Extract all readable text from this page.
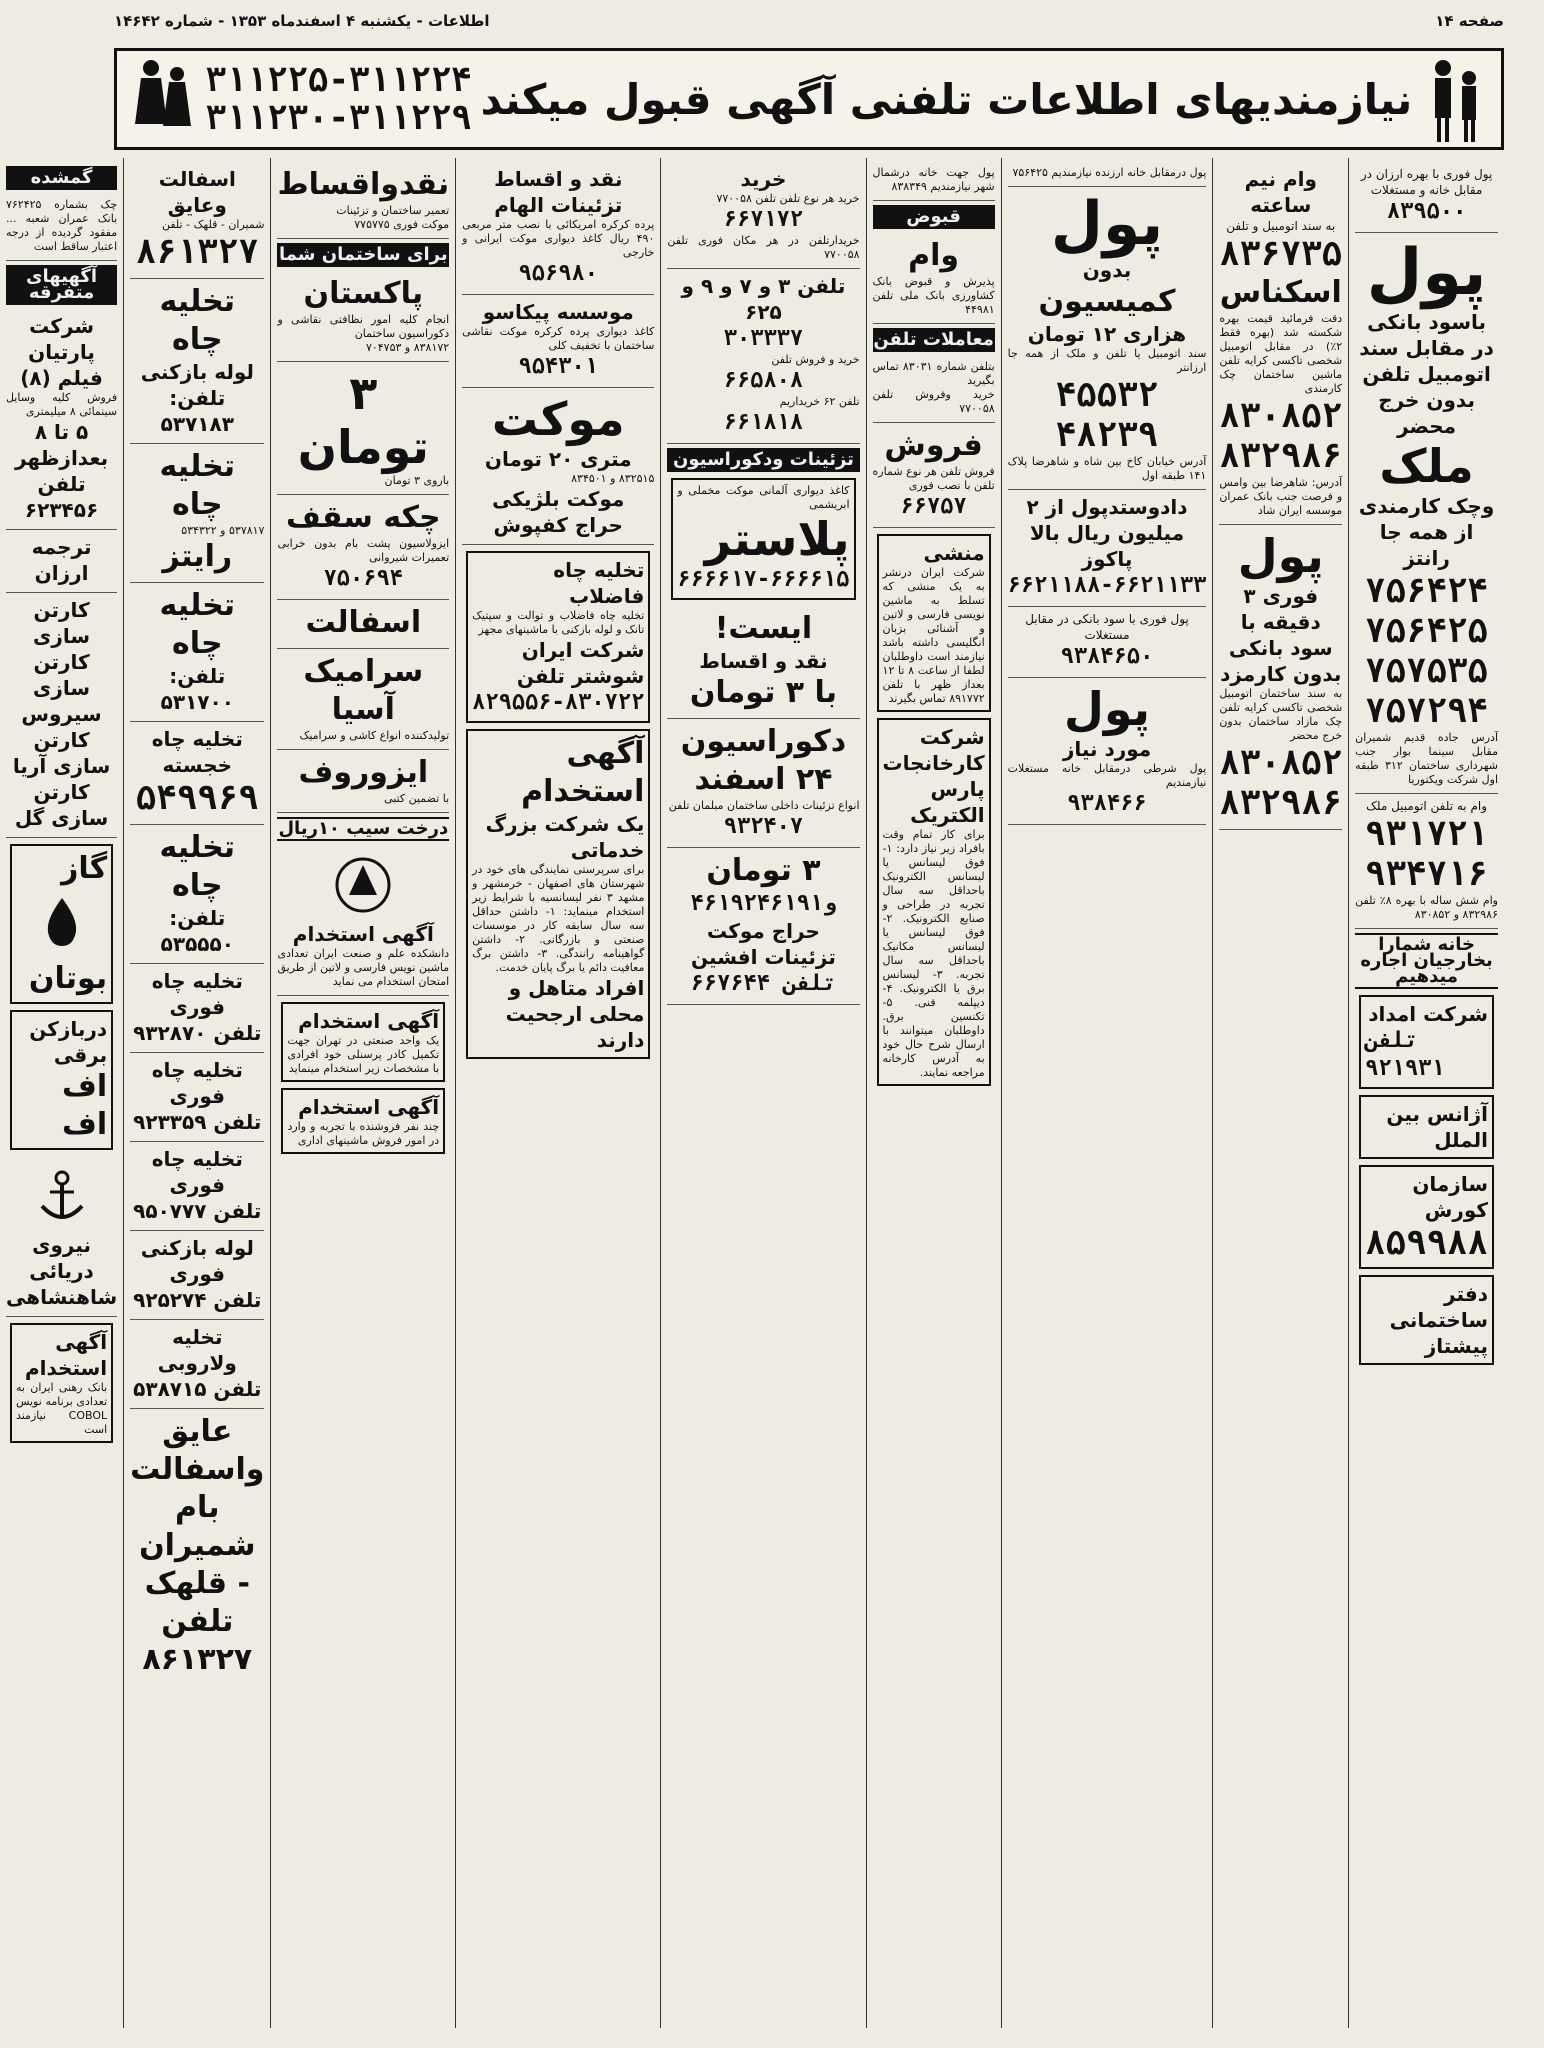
صفحه ۱۴
اطلاعات - یکشنبه ۴ اسفندماه ۱۳۵۳ - شماره ۱۴۶۴۲
نیازمندیهای اطلاعات تلفنی آگهی قبول میکند
۳۱۱۲۲۵-۳۱۱۲۲۴
۳۱۱۲۳۰-۳۱۱۲۲۹
پول فوری با بهره ارزان در مقابل خانه و مستغلات
۸۳۹۵۰۰
پول
باسود بانکی در مقابل سند اتومبیل تلفن بدون خرج محضر
ملک
وچک کارمندی از همه جا رانتز
۷۵۶۴۲۴
۷۵۶۴۲۵
۷۵۷۵۳۵
۷۵۷۲۹۴
آدرس جاده قدیم شمیران مقابل سینما بوار جنب شهرداری ساختمان ۳۱۲ طبقه اول شرکت ویکتوریا
وام به تلفن اتومبیل ملک
۹۳۱۷۲۱
۹۳۴۷۱۶
وام شش ساله با بهره ۸٪ تلفن ۸۳۲۹۸۶ و ۸۳۰۸۵۲
خانه شمارا بخارجیان اجاره میدهیم
شرکت امداد
تلفن ۹۲۱۹۳۱
آژانس بین الملل
سازمان کورش
۸۵۹۹۸۸
دفتر ساختمانی پیشتاز
وام نیم ساعته
به سند اتومبیل و تلفن
۸۳۶۷۳۵
اسکناس
دقت فرمائید قیمت بهره شکسته شد (بهره فقط ۲٪) در مقابل اتومبیل شخصی تاکسی کرایه تلفن ماشین ساختمان چک کارمندی
۸۳۰۸۵۲
۸۳۲۹۸۶
آدرس: شاهرضا بین وامس و فرصت جنب بانک عمران موسسه ایران شاد
پول
فوری ۳ دقیقه با سود بانکی بدون کارمزد
به سند ساختمان اتومبیل شخصی تاکسی کرایه تلفن چک مازاد ساختمان بدون خرج محضر
۸۳۰۸۵۲
۸۳۲۹۸۶
پول درمقابل خانه ارزنده نیازمندیم ۷۵۶۴۲۵
پول
بدون
کمیسیون
هزاری ۱۲ تومان
سند اتومبیل یا تلفن و ملک از همه جا ارزانتر
۴۵۵۳۲
۴۸۲۳۹
آدرس خیابان کاخ بین شاه و شاهرضا پلاک ۱۴۱ طبقه اول
دادوستدپول از ۲ میلیون ریال بالا پاکوز
۶۶۲۱۱۸۸-۶۶۲۱۱۳۳
پول فوری با سود بانکی در مقابل مستغلات
۹۳۸۴۶۵۰
پول
مورد نیاز
پول شرطی درمقابل خانه مستغلات نیازمندیم
۹۳۸۴۶۶
پول جهت خانه درشمال شهر نیازمندیم ۸۳۸۳۴۹
قبوض
وام
پذیرش و قبوض بانک کشاورزی بانک ملی تلفن ۴۴۹۸۱
معاملات تلفن
بتلفن شماره ۸۳۰۳۱ تماس بگیرید
خرید وفروش تلفن ۷۷۰۰۵۸
فروش
فروش تلفن هر نوع شماره تلفن با نصب فوری
۶۶۷۵۷
منشی
شرکت ایران درنشر به یک منشی که تسلط به ماشین نویسی فارسی و لاتین و آشنائی بزبان انگلیسی داشته باشد نیازمند است داوطلبان لطفا از ساعت ۸ تا ۱۲ بعداز ظهر با تلفن ۸۹۱۷۷۲ تماس بگیرند
شرکت کارخانجات پارس الکتریک
برای کار تمام وقت بافراد زیر نیاز دارد: ۱- فوق لیسانس یا لیسانس الکترونیک باحداقل سه سال تجربه در طراحی و صنایع الکترونیک. ۲- فوق لیسانس یا لیسانس مکانیک باحداقل سه سال تجربه. ۳- لیسانس برق یا الکترونیک. ۴- دیپلمه فنی. ۵- تکنسین برق. داوطلبان میتوانند با ارسال شرح حال خود به آدرس کارخانه مراجعه نمایند.
خرید
خرید هر نوع تلفن تلفن ۷۷۰۰۵۸
۶۶۷۱۷۲
خریدارتلفن در هر مکان فوری تلفن ۷۷۰۰۵۸
تلفن ۳ و ۷ و ۹ و ۶۲۵
۳۰۳۳۳۷
خرید و فروش تلفن
۶۶۵۸۰۸
تلفن ۶۲ خریداریم
۶۶۱۸۱۸
تزئینات ودکوراسیون
کاغذ دیواری آلمانی موکت مخملی و ابریشمی
پلاستر
۶۶۶۶۱۷-۶۶۶۶۱۵
ایست!
نقد و اقساط
با ۳ تومان
دکوراسیون
۲۴ اسفند
انواع تزئینات داخلی ساختمان مبلمان تلفن
۹۳۲۴۰۷
۳ تومان
۴۶۱۹۲و۴۶۱۹۱
حراج موکت
تزئینات افشین
تلفن ۶۶۷۶۴۴
نقد و اقساط
تزئینات الهام
پرده کرکره امریکائی با نصب متر مربعی ۴۹۰ ریال کاغذ دیواری موکت ایرانی و خارجی
۹۵۶۹۸۰
موسسه پیکاسو
کاغذ دیواری پرده کرکره موکت نقاشی ساختمان با تخفیف کلی
۹۵۴۳۰۱
موکت
متری ۲۰ تومان
۸۳۲۵۱۵ و ۸۳۴۵۰۱
موکت بلژیکی
حراج کفپوش
تخلیه چاه فاضلاب
تخلیه چاه فاضلاب و توالت و سپتیک تانک و لوله بازکنی با ماشینهای مجهز
شرکت ایران شوشتر تلفن
۸۲۹۵۵۶-۸۳۰۷۲۲
آگهی استخدام
یک شرکت بزرگ خدماتی
برای سرپرستی نمایندگی های خود در شهرستان های اصفهان - خرمشهر و مشهد ۳ نفر لیسانسیه با شرایط زیر استخدام مینماید: ۱- داشتن حداقل سه سال سابقه کار در موسسات صنعتی و بازرگانی. ۲- داشتن گواهینامه رانندگی. ۳- داشتن برگ معافیت دائم یا برگ پایان خدمت.
افراد متاهل و محلی ارجحیت دارند
نقدواقساط
تعمیر ساختمان و تزئینات
موکت فوری ۷۷۵۷۷۵
برای ساختمان شما
پاکستان
انجام کلیه امور نظافتی نقاشی و دکوراسیون ساختمان
۸۳۸۱۷۲ و ۷۰۴۷۵۳
۳ تومان
باروی ۳ تومان
چکه سقف
ایزولاسیون پشت بام بدون خرابی تعمیرات شیروانی
۷۵۰۶۹۴
اسفالت
سرامیک آسیا
تولیدکننده انواع کاشی و سرامیک
ایزوروف
با تضمین کتبی
درخت سیب ۱۰ریال
آگهی استخدام
دانشکده علم و صنعت ایران تعدادی ماشین نویس فارسی و لاتین از طریق امتحان استخدام می نماید
آگهی استخدام
یک واحد صنعتی در تهران جهت تکمیل کادر پرسنلی خود افرادی با مشخصات زیر استخدام مینماید
آگهی استخدام
چند نفر فروشنده با تجربه و وارد در امور فروش ماشینهای اداری
اسفالت وعایق
شمیران - قلهک - تلفن
۸۶۱۳۲۷
تخلیه چاه
لوله بازکنی
تلفن: ۵۳۷۱۸۳
تخلیه چاه
۵۳۷۸۱۷ و ۵۳۴۳۲۲
رایتز
تخلیه چاه
تلفن: ۵۳۱۷۰۰
تخلیه چاه خجسته
۵۴۹۹۶۹
تخلیه چاه
تلفن: ۵۳۵۵۵۰
تخلیه چاه فوری
تلفن ۹۳۲۸۷۰
تخلیه چاه فوری
تلفن ۹۲۳۳۵۹
تخلیه چاه فوری
تلفن ۹۵۰۷۷۷
لوله بازکنی فوری
تلفن ۹۲۵۲۷۴
تخلیه ولاروبی
تلفن ۵۳۸۷۱۵
عایق واسفالت بام
شمیران - قلهک
تلفن ۸۶۱۳۲۷
گمشده
چک بشماره ۷۶۲۴۲۵ بانک عمران شعبه ... مفقود گردیده از درجه اعتبار ساقط است
آگهیهای متفرقه
شرکت پارتیان
فیلم (۸)
فروش کلیه وسایل سینمائی ۸ میلیمتری
۵ تا ۸ بعدازظهر
تلفن ۶۲۳۴۵۶
ترجمه ارزان
کارتن سازی
کارتن سازی سیروس
کارتن سازی آریا
کارتن سازی گل
گاز
بوتان
دربازکن برقی
اف اف
نیروی دریائی شاهنشاهی
آگهی استخدام
بانک رهنی ایران به تعدادی برنامه نویس COBOL نیازمند است
